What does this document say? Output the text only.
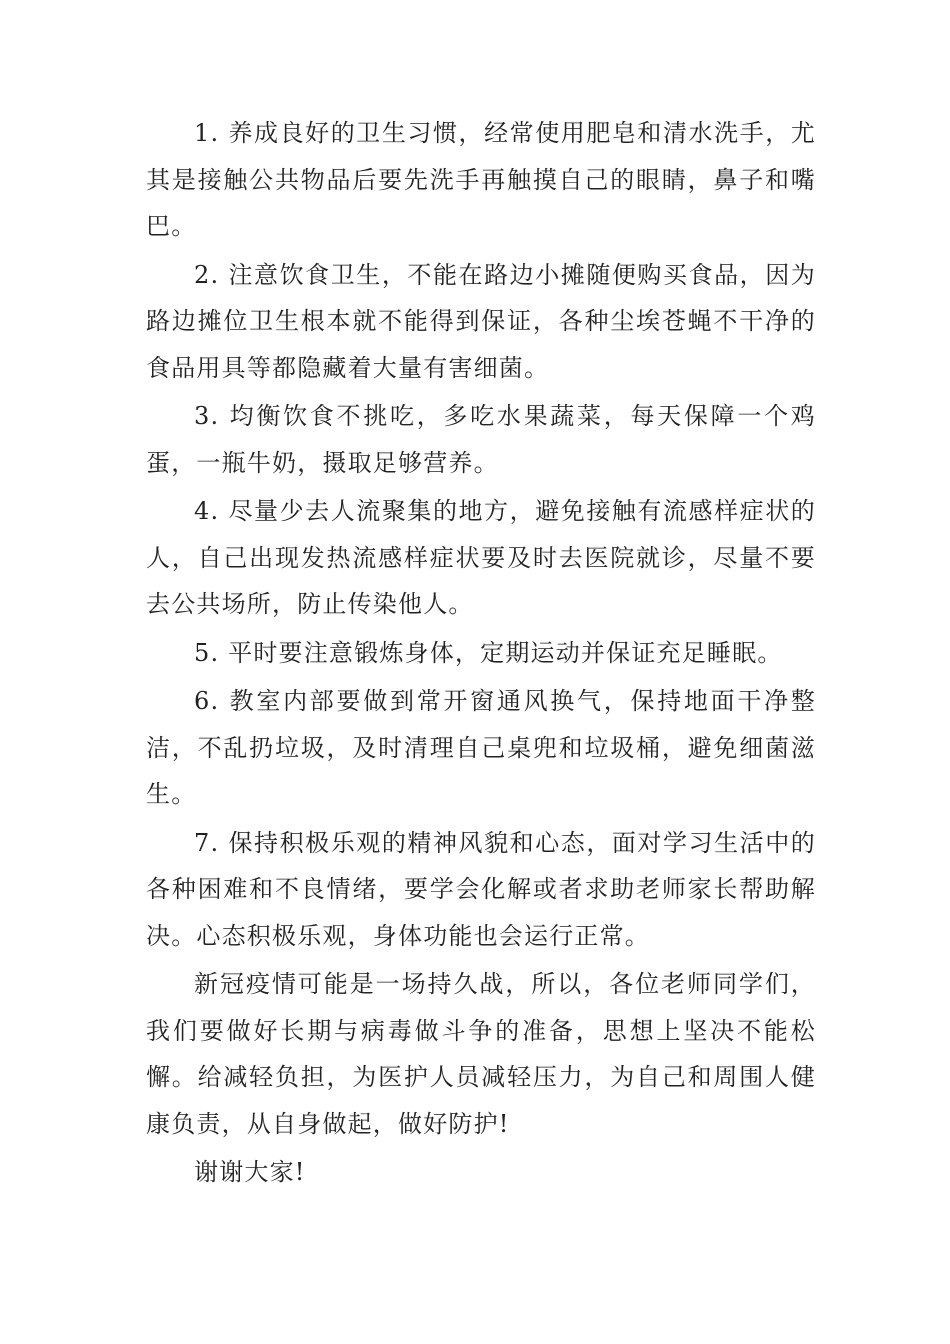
1. 养成良好的卫生习惯，经常使用肥皂和清水洗手，尤其是接触公共物品后要先洗手再触摸自己的眼睛，鼻子和嘴巴。

2. 注意饮食卫生，不能在路边小摊随便购买食品，因为路边摊位卫生根本就不能得到保证，各种尘埃苍蝇不干净的食品用具等都隐藏着大量有害细菌。

3. 均衡饮食不挑吃，多吃水果蔬菜，每天保障一个鸡蛋，一瓶牛奶，摄取足够营养。

4. 尽量少去人流聚集的地方，避免接触有流感样症状的人，自己出现发热流感样症状要及时去医院就诊，尽量不要去公共场所，防止传染他人。

5. 平时要注意锻炼身体，定期运动并保证充足睡眠。

6. 教室内部要做到常开窗通风换气，保持地面干净整洁，不乱扔垃圾，及时清理自己桌兜和垃圾桶，避免细菌滋生。

7. 保持积极乐观的精神风貌和心态，面对学习生活中的各种困难和不良情绪，要学会化解或者求助老师家长帮助解决。心态积极乐观，身体功能也会运行正常。

新冠疫情可能是一场持久战，所以，各位老师同学们，我们要做好长期与病毒做斗争的准备，思想上坚决不能松懈。给减轻负担，为医护人员减轻压力，为自己和周围人健康负责，从自身做起，做好防护!

谢谢大家!
